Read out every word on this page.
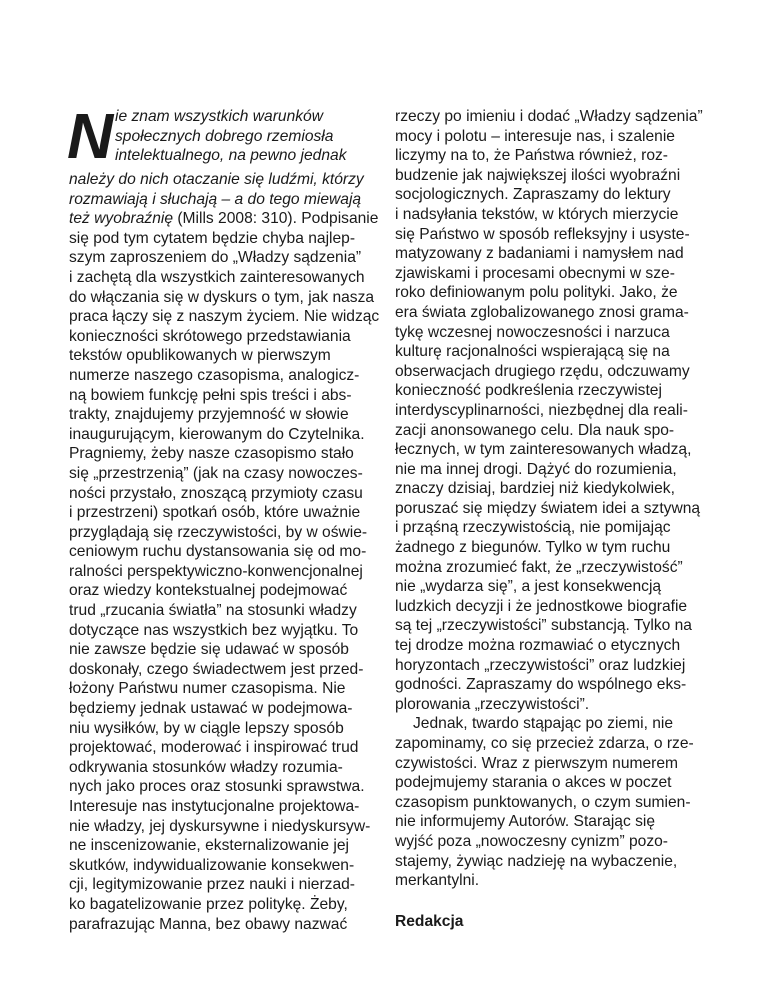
N ie znam wszystkich warunków
społecznych dobrego rzemiosła
intelektualnego, na pewno jednak
należy do nich otaczanie się ludźmi, którzy
rozmawiają i słuchają – a do tego miewają
też wyobraźnię (Mills 2008: 310). Podpisanie
się pod tym cytatem będzie chyba najlep-
szym zaproszeniem do „Władzy sądzenia”
i zachętą dla wszystkich zainteresowanych
do włączania się w dyskurs o tym, jak nasza
praca łączy się z naszym życiem. Nie widząc
konieczności skrótowego przedstawiania
tekstów opublikowanych w pierwszym
numerze naszego czasopisma, analogicz-
ną bowiem funkcję pełni spis treści i abs-
trakty, znajdujemy przyjemność w słowie
inaugurującym, kierowanym do Czytelnika.
Pragniemy, żeby nasze czasopismo stało
się „przestrzenią” (jak na czasy nowoczes-
ności przystało, znoszącą przymioty czasu
i przestrzeni) spotkań osób, które uważnie
przyglądają się rzeczywistości, by w oświe-
ceniowym ruchu dystansowania się od mo-
ralności perspektywiczno-konwencjonalnej
oraz wiedzy kontekstualnej podejmować
trud „rzucania światła” na stosunki władzy
dotyczące nas wszystkich bez wyjątku. To
nie zawsze będzie się udawać w sposób
doskonały, czego świadectwem jest przed-
łożony Państwu numer czasopisma. Nie
będziemy jednak ustawać w podejmowa-
niu wysiłków, by w ciągle lepszy sposób
projektować, moderować i inspirować trud
odkrywania stosunków władzy rozumia-
nych jako proces oraz stosunki sprawstwa.
Interesuje nas instytucjonalne projektowa-
nie władzy, jej dyskursywne i niedyskursyw-
ne inscenizowanie, eksternalizowanie jej
skutków, indywidualizowanie konsekwen-
cji, legitymizowanie przez nauki i nierzad-
ko bagatelizowanie przez politykę. Żeby,
parafrazując Manna, bez obawy nazwać
rzeczy po imieniu i dodać „Władzy sądzenia”
mocy i polotu – interesuje nas, i szalenie
liczymy na to, że Państwa również, roz-
budzenie jak największej ilości wyobraźni
socjologicznych. Zapraszamy do lektury
i nadsyłania tekstów, w których mierzycie
się Państwo w sposób refleksyjny i usyste-
matyzowany z badaniami i namysłem nad
zjawiskami i procesami obecnymi w sze-
roko definiowanym polu polityki. Jako, że
era świata zglobalizowanego znosi grama-
tykę wczesnej nowoczesności i narzuca
kulturę racjonalności wspierającą się na
obserwacjach drugiego rzędu, odczuwamy
konieczność podkreślenia rzeczywistej
interdyscyplinarności, niezbędnej dla reali-
zacji anonsowanego celu. Dla nauk spo-
łecznych, w tym zainteresowanych władzą,
nie ma innej drogi. Dążyć do rozumienia,
znaczy dzisiaj, bardziej niż kiedykolwiek,
poruszać się między światem idei a sztywną
i prząśną rzeczywistością, nie pomijając
żadnego z biegunów. Tylko w tym ruchu
można zrozumieć fakt, że „rzeczywistość”
nie „wydarza się”, a jest konsekwencją
ludzkich decyzji i że jednostkowe biografie
są tej „rzeczywistości” substancją. Tylko na
tej drodze można rozmawiać o etycznych
horyzontach „rzeczywistości” oraz ludzkiej
godności. Zapraszamy do wspólnego eks-
plorowania „rzeczywistości”.
Jednak, twardo stąpając po ziemi, nie
zapominamy, co się przecież zdarza, o rze-
czywistości. Wraz z pierwszym numerem
podejmujemy starania o akces w poczet
czasopism punktowanych, o czym sumien-
nie informujemy Autorów. Starając się
wyjść poza „nowoczesny cynizm” pozo-
stajemy, żywiąc nadzieję na wybaczenie,
merkantylni.
Redakcja
